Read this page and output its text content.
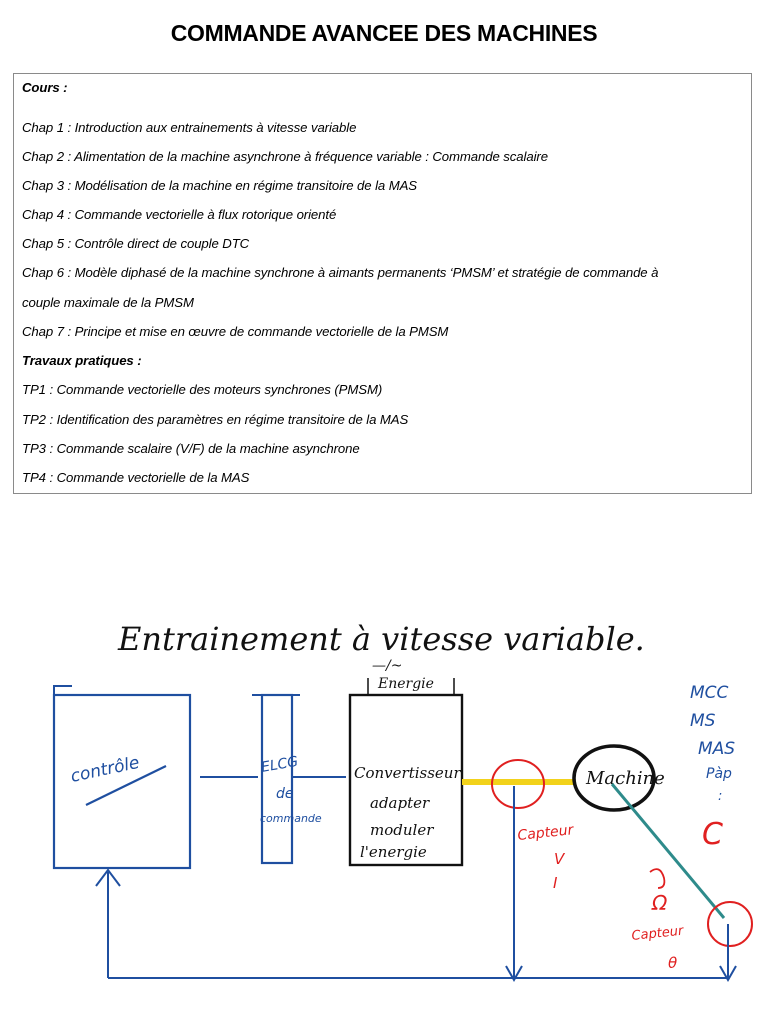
COMMANDE AVANCEE DES MACHINES
Cours :
Chap 1 : Introduction aux entrainements à vitesse variable
Chap 2 : Alimentation de la machine asynchrone à fréquence variable : Commande scalaire
Chap 3 : Modélisation de la machine en régime transitoire de la MAS
Chap 4 : Commande vectorielle à flux rotorique orienté
Chap 5 : Contrôle direct de couple DTC
Chap 6 : Modèle diphasé de la machine synchrone à aimants permanents ‘PMSM’ et stratégie de commande à
couple maximale de la PMSM
Chap 7 : Principe et mise en œuvre de commande vectorielle de la PMSM
Travaux pratiques :
TP1 : Commande vectorielle des moteurs synchrones (PMSM)
TP2 : Identification des paramètres en régime transitoire de la MAS
TP3 : Commande scalaire (V/F) de la machine asynchrone
TP4 : Commande vectorielle de la MAS
Entrainement à vitesse variable.
contrôle	ELCG
de
commande
—/~
Energie
Convertisseur
adapter
moduler
l'energie
Machine
MCC
MS
MAS
Pàp
:
C
Capteur
V
I
Ω
Capteur
θ
